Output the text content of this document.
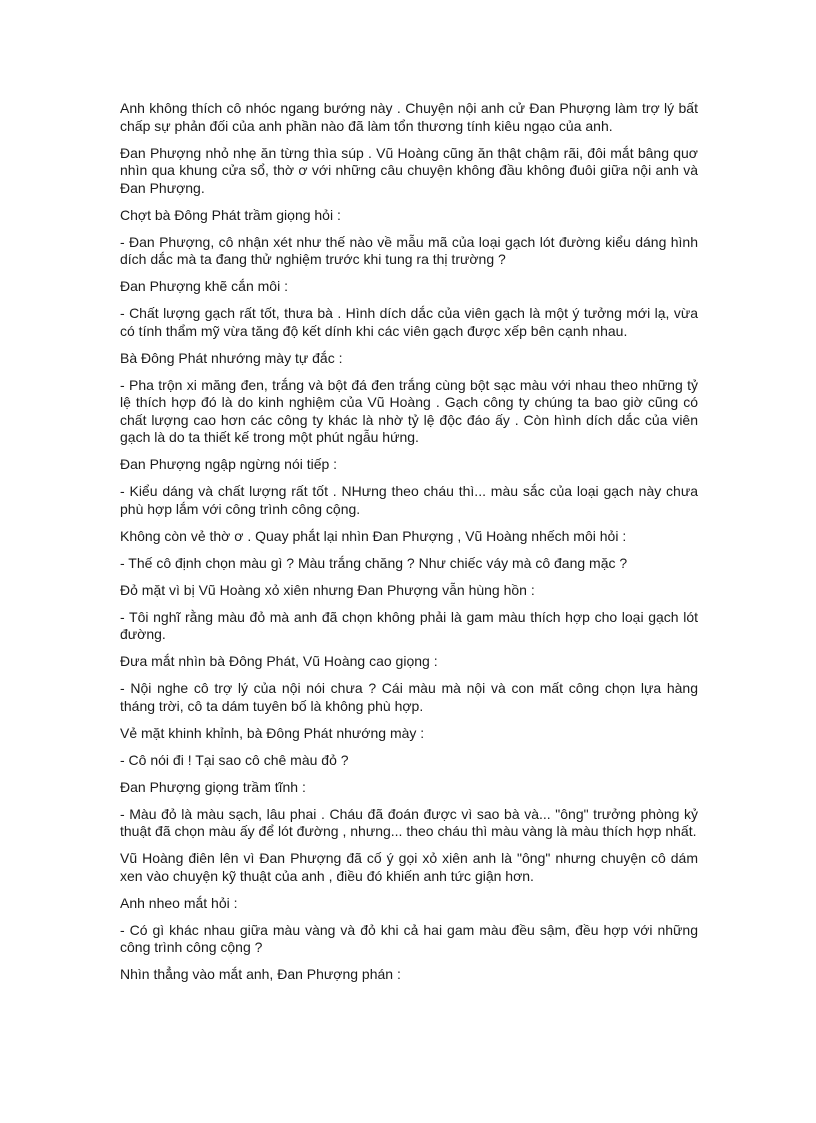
Anh không thích cô nhóc ngang bướng này . Chuyện nội anh cử Đan Phượng làm trợ lý bất chấp sự phản đối của anh phần nào đã làm tổn thương tính kiêu ngạo của anh.

Đan Phượng nhỏ nhẹ ăn từng thìa súp . Vũ Hoàng cũng ăn thật chậm rãi, đôi mắt bâng quơ nhìn qua khung cửa sổ, thờ ơ với những câu chuyện không đầu không đuôi giữa nội anh và Đan Phượng.

Chợt bà Đông Phát trầm giọng hỏi :

- Đan Phượng, cô nhận xét như thế nào về mẫu mã của loại gạch lót đường kiểu dáng hình dích dắc mà ta đang thử nghiệm trước khi tung ra thị trường ?

Đan Phượng khẽ cắn môi :

- Chất lượng gạch rất tốt, thưa bà . Hình dích dắc của viên gạch là một ý tưởng mới lạ, vừa có tính thẩm mỹ vừa tăng độ kết dính khi các viên gạch được xếp bên cạnh nhau.

Bà Đông Phát nhướng mày tự đắc :

- Pha trộn xi măng đen, trắng và bột đá đen trắng cùng bột sạc màu với nhau theo những tỷ lệ thích hợp đó là do kinh nghiệm của Vũ Hoàng . Gạch công ty chúng ta bao giờ cũng có chất lượng cao hơn các công ty khác là nhờ tỷ lệ độc đáo ấy . Còn hình dích dắc của viên gạch là do ta thiết kế trong một phút ngẫu hứng.

Đan Phượng ngập ngừng nói tiếp :

- Kiểu dáng và chất lượng rất tốt . NHưng theo cháu thì... màu sắc của loại gạch này chưa phù hợp lắm với công trình công cộng.

Không còn vẻ thờ ơ . Quay phắt lại nhìn Đan Phượng , Vũ Hoàng nhếch môi hỏi :

- Thế cô định chọn màu gì ? Màu trắng chăng ? Như chiếc váy mà cô đang mặc ?

Đỏ mặt vì bị Vũ Hoàng xỏ xiên nhưng Đan Phượng vẫn hùng hồn :

- Tôi nghĩ rằng màu đỏ mà anh đã chọn không phải là gam màu thích hợp cho loại gạch lót đường.

Đưa mắt nhìn bà Đông Phát, Vũ Hoàng cao giọng :

- Nội nghe cô trợ lý của nội nói chưa ? Cái màu mà nội và con mất công chọn lựa hàng tháng trời, cô ta dám tuyên bố là không phù hợp.

Vẻ mặt khinh khỉnh, bà Đông Phát nhướng mày :

- Cô nói đi ! Tại sao cô chê màu đỏ ?

Đan Phượng giọng trầm tĩnh :

- Màu đỏ là màu sạch, lâu phai . Cháu đã đoán được vì sao bà và... "ông" trưởng phòng kỷ thuật đã chọn màu ấy để lót đường , nhưng... theo cháu thì màu vàng là màu thích hợp nhất.

Vũ Hoàng điên lên vì Đan Phượng đã cố ý gọi xỏ xiên anh là "ông" nhưng chuyện cô dám xen vào chuyện kỹ thuật của anh , điều đó khiến anh tức giận hơn.

Anh nheo mắt hỏi :

- Có gì khác nhau giữa màu vàng và đỏ khi cả hai gam màu đều sậm, đều hợp với những công trình công cộng ?

Nhìn thẳng vào mắt anh, Đan Phượng phán :
